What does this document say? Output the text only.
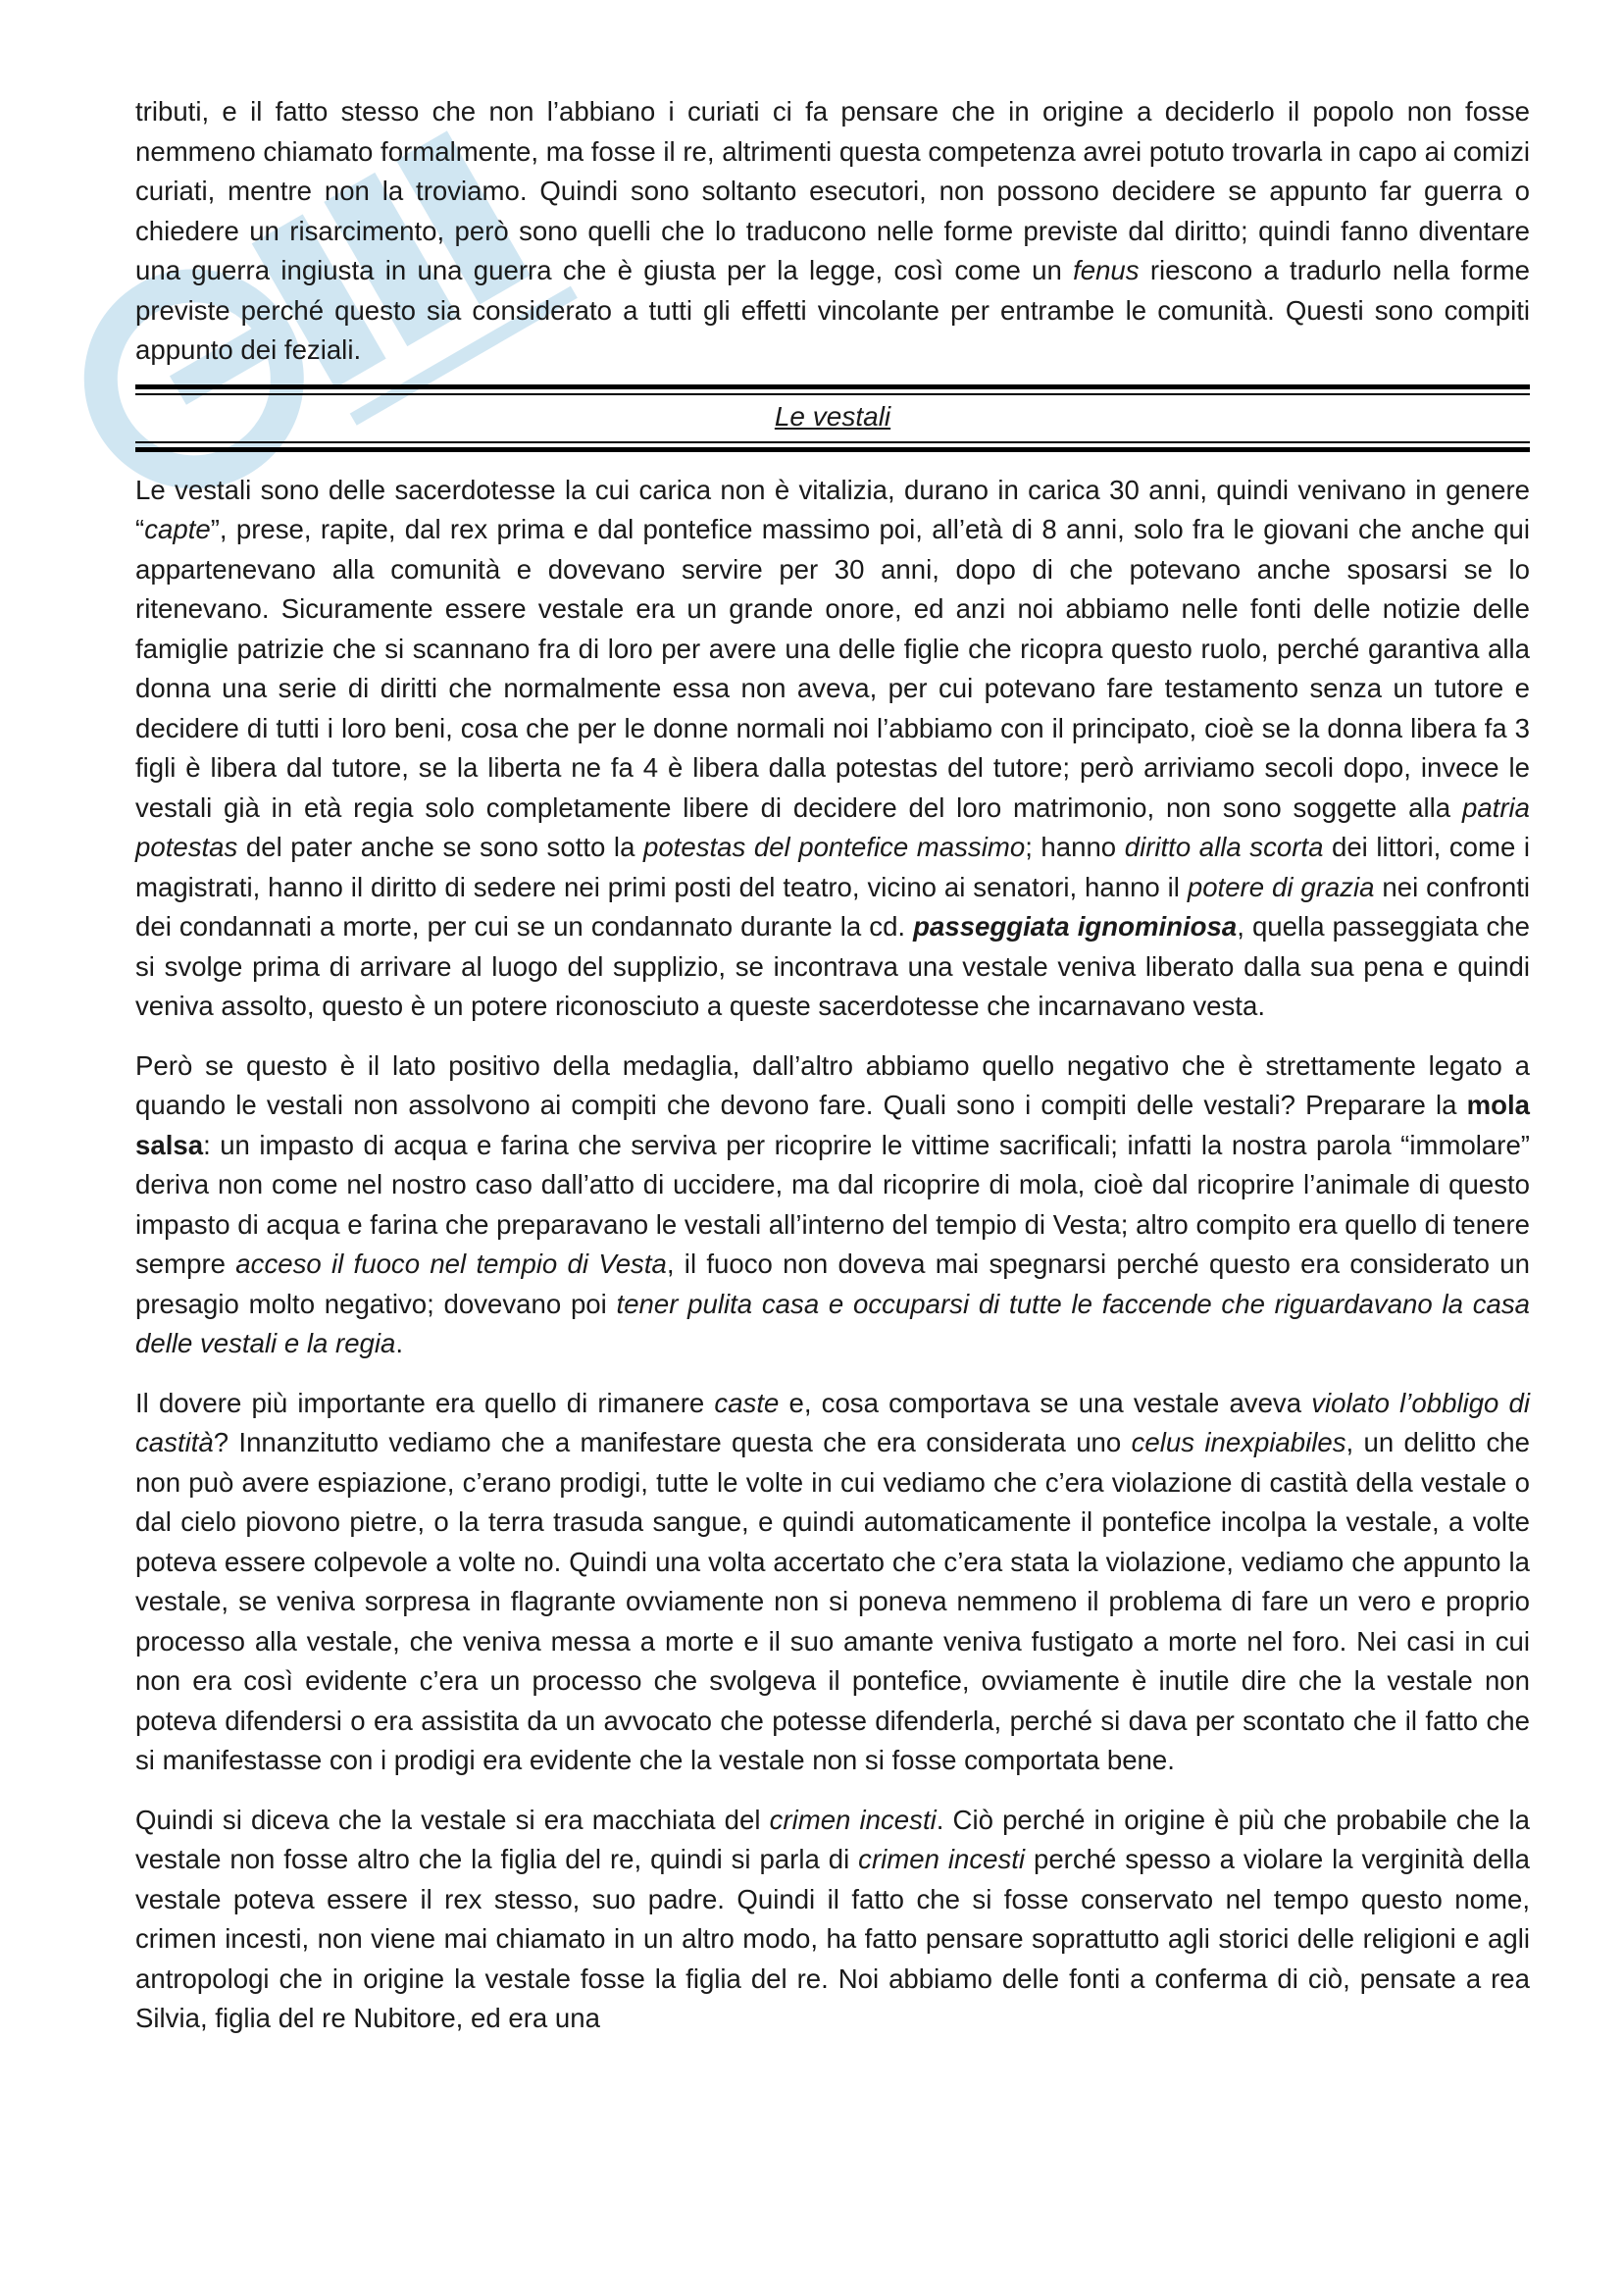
tributi, e il fatto stesso che non l’abbiano i curiati ci fa pensare che in origine a deciderlo il popolo non fosse nemmeno chiamato formalmente, ma fosse il re, altrimenti questa competenza avrei potuto trovarla in capo ai comizi curiati, mentre non la troviamo. Quindi sono soltanto esecutori, non possono decidere se appunto far guerra o chiedere un risarcimento, però sono quelli che lo traducono nelle forme previste dal diritto; quindi fanno diventare una guerra ingiusta in una guerra che è giusta per la legge, così come un fenus riescono a tradurlo nella forme previste perché questo sia considerato a tutti gli effetti vincolante per entrambe le comunità. Questi sono compiti appunto dei feziali.

Le vestali

Le vestali sono delle sacerdotesse la cui carica non è vitalizia, durano in carica 30 anni, quindi venivano in genere “capte”, prese, rapite, dal rex prima e dal pontefice massimo poi, all’età di 8 anni, solo fra le giovani che anche qui appartenevano alla comunità e dovevano servire per 30 anni, dopo di che potevano anche sposarsi se lo ritenevano. Sicuramente essere vestale era un grande onore, ed anzi noi abbiamo nelle fonti delle notizie delle famiglie patrizie che si scannano fra di loro per avere una delle figlie che ricopra questo ruolo, perché garantiva alla donna una serie di diritti che normalmente essa non aveva, per cui potevano fare testamento senza un tutore e decidere di tutti i loro beni, cosa che per le donne normali noi l’abbiamo con il principato, cioè se la donna libera fa 3 figli è libera dal tutore, se la liberta ne fa 4 è libera dalla potestas del tutore; però arriviamo secoli dopo, invece le vestali già in età regia solo completamente libere di decidere del loro matrimonio, non sono soggette alla patria potestas del pater anche se sono sotto la potestas del pontefice massimo; hanno diritto alla scorta dei littori, come i magistrati, hanno il diritto di sedere nei primi posti del teatro, vicino ai senatori, hanno il potere di grazia nei confronti dei condannati a morte, per cui se un condannato durante la cd. passeggiata ignominiosa, quella passeggiata che si svolge prima di arrivare al luogo del supplizio, se incontrava una vestale veniva liberato dalla sua pena e quindi veniva assolto, questo è un potere riconosciuto a queste sacerdotesse che incarnavano vesta.

Però se questo è il lato positivo della medaglia, dall’altro abbiamo quello negativo che è strettamente legato a quando le vestali non assolvono ai compiti che devono fare. Quali sono i compiti delle vestali? Preparare la mola salsa: un impasto di acqua e farina che serviva per ricoprire le vittime sacrificali; infatti la nostra parola “immolare” deriva non come nel nostro caso dall’atto di uccidere, ma dal ricoprire di mola, cioè dal ricoprire l’animale di questo impasto di acqua e farina che preparavano le vestali all’interno del tempio di Vesta; altro compito era quello di tenere sempre acceso il fuoco nel tempio di Vesta, il fuoco non doveva mai spegnarsi perché questo era considerato un presagio molto negativo; dovevano poi tener pulita casa e occuparsi di tutte le faccende che riguardavano la casa delle vestali e la regia.

Il dovere più importante era quello di rimanere caste e, cosa comportava se una vestale aveva violato l’obbligo di castità? Innanzitutto vediamo che a manifestare questa che era considerata uno celus inexpiabiles, un delitto che non può avere espiazione, c’erano prodigi, tutte le volte in cui vediamo che c’era violazione di castità della vestale o dal cielo piovono pietre, o la terra trasuda sangue, e quindi automaticamente il pontefice incolpa la vestale, a volte poteva essere colpevole a volte no. Quindi una volta accertato che c’era stata la violazione, vediamo che appunto la vestale, se veniva sorpresa in flagrante ovviamente non si poneva nemmeno il problema di fare un vero e proprio processo alla vestale, che veniva messa a morte e il suo amante veniva fustigato a morte nel foro. Nei casi in cui non era così evidente c’era un processo che svolgeva il pontefice, ovviamente è inutile dire che la vestale non poteva difendersi o era assistita da un avvocato che potesse difenderla, perché si dava per scontato che il fatto che si manifestasse con i prodigi era evidente che la vestale non si fosse comportata bene.

Quindi si diceva che la vestale si era macchiata del crimen incesti. Ciò perché in origine è più che probabile che la vestale non fosse altro che la figlia del re, quindi si parla di crimen incesti perché spesso a violare la verginità della vestale poteva essere il rex stesso, suo padre. Quindi il fatto che si fosse conservato nel tempo questo nome, crimen incesti, non viene mai chiamato in un altro modo, ha fatto pensare soprattutto agli storici delle religioni e agli antropologi che in origine la vestale fosse la figlia del re. Noi abbiamo delle fonti a conferma di ciò, pensate a rea Silvia, figlia del re Nubitore, ed era una
